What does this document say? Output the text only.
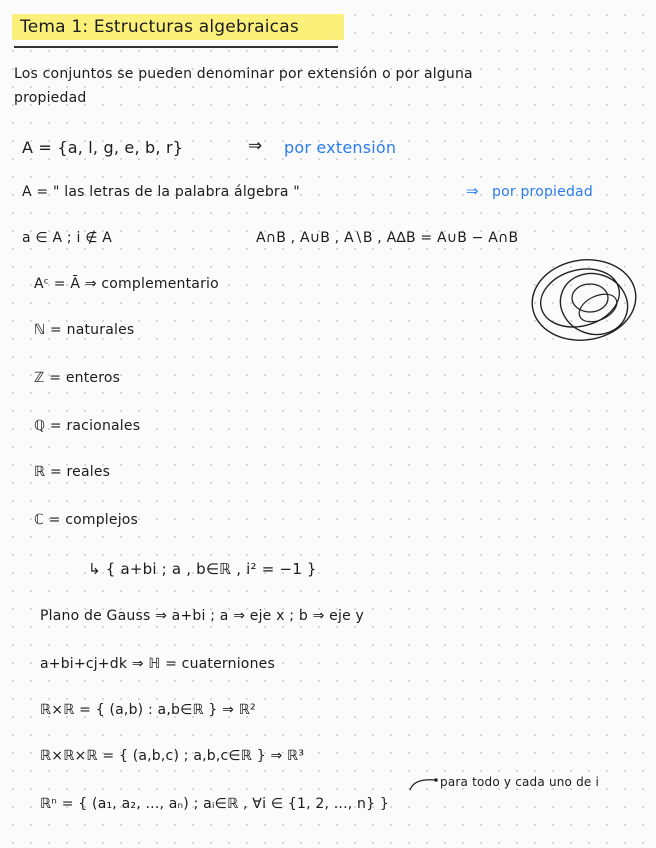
Tema 1: Estructuras algebraicas
Los conjuntos se pueden denominar por extensión o por alguna
propiedad
A = {a, l, g, e, b, r}	⇒ por extensión
A = " las letras de la palabra álgebra "	⇒ por propiedad
a ∈ A ; i ∉ A	A∩B , A∪B , A∖B , A∆B = A∪B − A∩B
Aᶜ = Ā ⇒ complementario
ℕ = naturales
ℤ = enteros
ℚ = racionales
ℝ = reales
ℂ = complejos
↳ { a+bi ; a , b∈ℝ , i² = −1 }
Plano de Gauss ⇒ a+bi ; a ⇒ eje x ; b ⇒ eje y
a+bi+cj+dk ⇒ ℍ = cuaterniones
ℝ×ℝ = { (a,b) : a,b∈ℝ } ⇒ ℝ²
ℝ×ℝ×ℝ = { (a,b,c) ; a,b,c∈ℝ } ⇒ ℝ³
para todo y cada uno de i
ℝⁿ = { (a₁, a₂, ..., aₙ) ; aᵢ∈ℝ , ∀i ∈ {1, 2, ..., n} }
